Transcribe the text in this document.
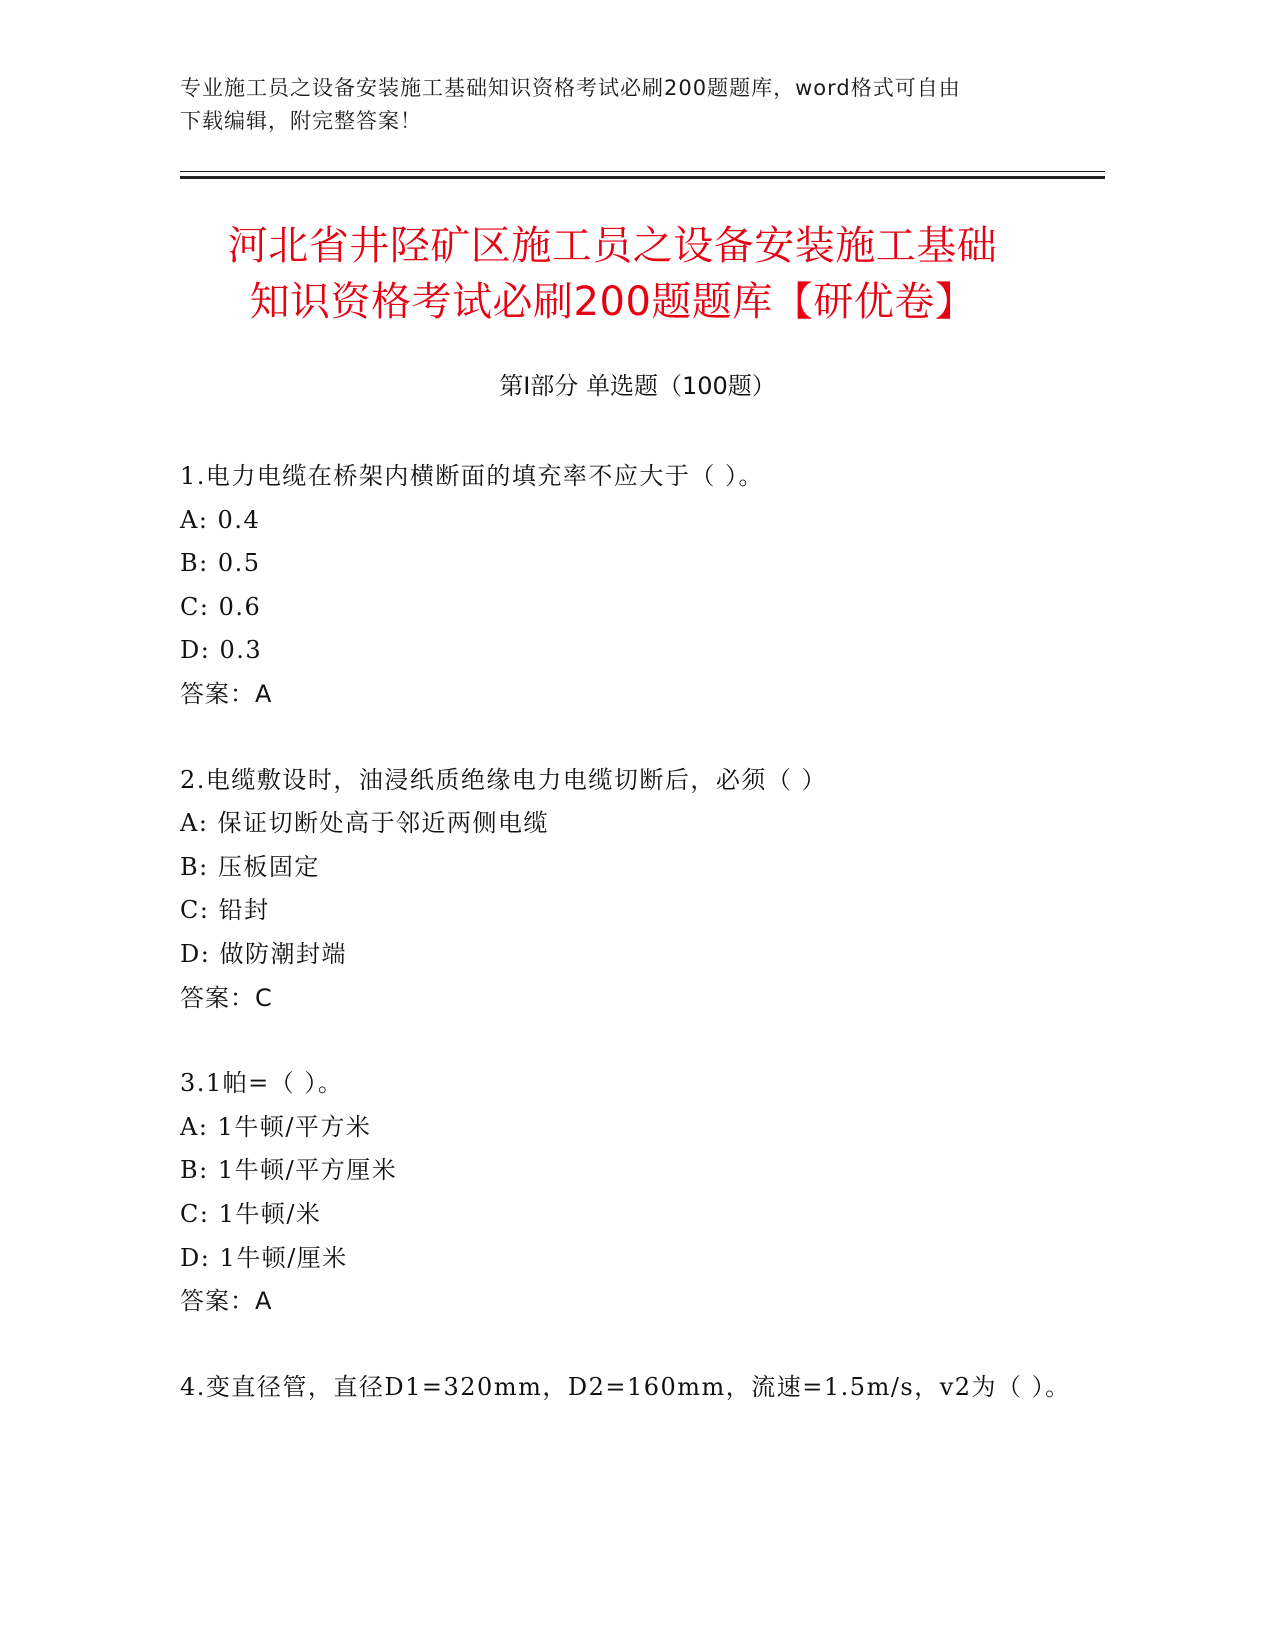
专业施工员之设备安装施工基础知识资格考试必刷200题题库，word格式可自由
下载编辑，附完整答案！
河北省井陉矿区施工员之设备安装施工基础
知识资格考试必刷200题题库【研优卷】
第Ⅰ部分 单选题（100题）
1.电力电缆在桥架内横断面的填充率不应大于（ ）。
A: 0.4
B: 0.5
C: 0.6
D: 0.3
答案：A
2.电缆敷设时，油浸纸质绝缘电力电缆切断后，必须（ ）
A: 保证切断处高于邻近两侧电缆
B: 压板固定
C: 铅封
D: 做防潮封端
答案：C
3.1帕=（ ）。
A: 1牛顿/平方米
B: 1牛顿/平方厘米
C: 1牛顿/米
D: 1牛顿/厘米
答案：A
4.变直径管，直径D1=320mm，D2=160mm，流速=1.5m/s，v2为（ ）。
